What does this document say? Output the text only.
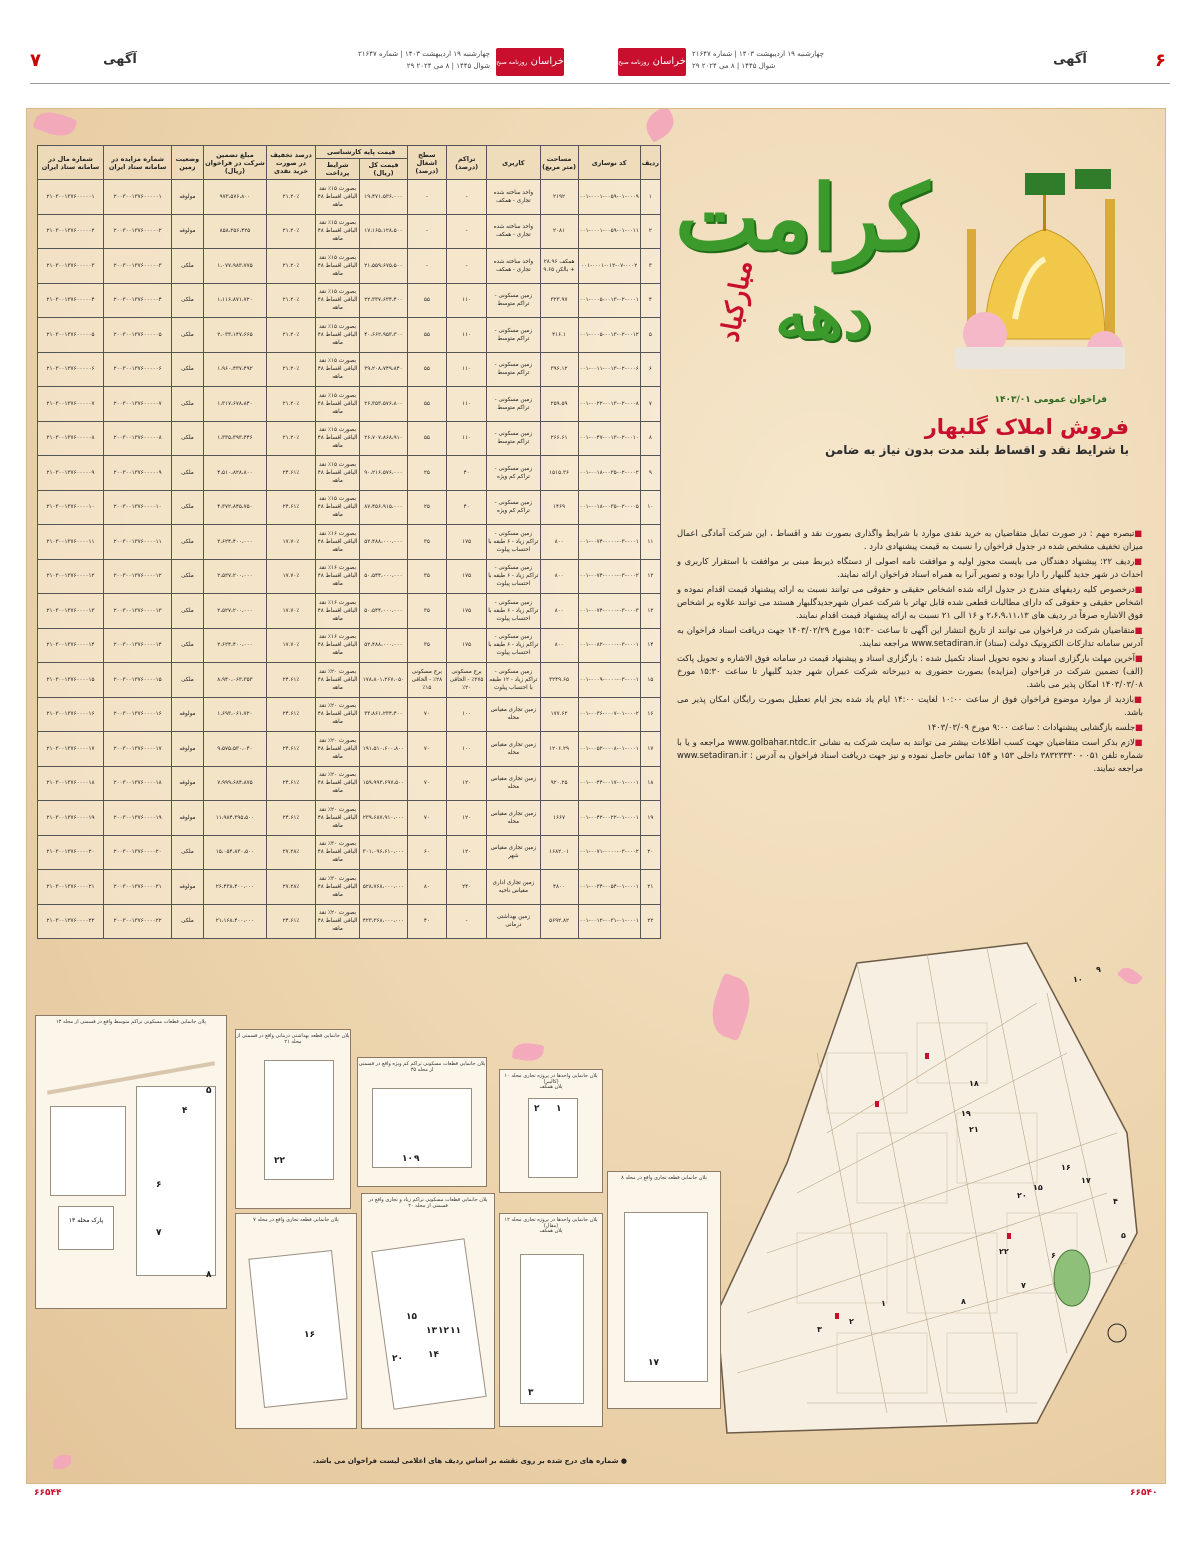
۷	آگهی	خراسان روزنامه صبح ایران
چهارشنبه ۱۹ اردیبهشت ۱۴۰۳ | شماره ۲۱۶۴۷
۲۹ شوال ۱۴۴۵ | ۸ می ۲۰۲۴	خراسان روزنامه صبح ایران
چهارشنبه ۱۹ اردیبهشت ۱۴۰۳ | شماره ۲۱۶۴۷
۲۹ شوال ۱۴۴۵ | ۸ می ۲۰۲۴	آگهی	۶
ردیف	کد نوسازی	مساحت (متر مربع)	کاربری	تراکم (درصد)	سطح اشغال (درصد)	قیمت پایه کارشناسی		درصد تخفیف در صورت خرید نقدی	مبلغ تضمین شرکت در فراخوان (ریال)	وضعیت زمین	شماره مزایده در سامانه ستاد ایران	شماره مال در سامانه ستاد ایران
						قیمت کل (ریال)	شرایط پرداخت					
۱	۰۰۱-۰۰۰۱-۰۰۵۹-۰۱-۰۰۰۹	۲۱۹۲	واحد ساخته شده تجاری - همکف	-	-	۱۹،۴۷۱،۵۳۶،۰۰۰	بصورت ۱۵٪ نقد الباقی اقساط ۴۸ ماهه	۲۱.۲۰٪	۹۷۳،۵۷۶،۸۰۰	مولوفه	۲۰۰۳۰۰۱۳۷۶۰۰۰۰۰۱	۲۱۰۳۰۰۱۳۷۶۰۰۰۰۰۱
۲	۰۰۱-۰۰۰۱-۰۰۵۹-۰۱-۰۰۱۱	۲۰۸۱	واحد ساخته شده تجاری - همکف	-	-	۱۷،۱۶۵،۱۲۸،۵۰۰	بصورت ۱۵٪ نقد الباقی اقساط ۴۸ ماهه	۲۱.۲۰٪	۸۵۸،۲۵۶،۴۲۵	مولوفه	۲۰۰۳۰۰۱۳۷۶۰۰۰۰۰۲	۲۱۰۳۰۰۱۳۷۶۰۰۰۰۰۲
۳	۰۰۱-۰۰۰۱-۰۱۲-۰۷-۰۰۰۲	همکف ۲۸.۹۶ + بالکن ۹.۶۵	واحد ساخته شده تجاری - همکف	-	-	۲۱،۵۵۹،۶۷۵،۵۰۰	بصورت ۱۵٪ نقد الباقی اقساط ۴۸ ماهه	۲۱.۲۰٪	۱،۰۷۷،۹۸۳،۷۷۵	ملکی	۲۰۰۳۰۰۱۳۷۶۰۰۰۰۰۳	۲۱۰۳۰۰۱۳۷۶۰۰۰۰۰۳
۴	۰۰۱-۰۰۰۵-۰۰۱۳-۰۲-۰۰۰۱	۳۲۳.۹۷	زمین مسکونی - تراکم متوسط	۱۱۰	۵۵	۲۲،۳۳۷،۶۳۴،۴۰۰	بصورت ۱۵٪ نقد الباقی اقساط ۴۸ ماهه	۲۱.۲۰٪	۱،۱۱۶،۸۷۱،۷۲۰	ملکی	۲۰۰۳۰۰۱۳۷۶۰۰۰۰۰۴	۲۱۰۳۰۰۱۳۷۶۰۰۰۰۰۴
۵	۰۰۱-۰۰۰۵-۰۰۱۳-۰۲-۰۰۱۲	۴۱۶.۱	زمین مسکونی - تراکم متوسط	۱۱۰	۵۵	۴۰،۶۶۲،۹۵۳،۳۰۰	بصورت ۱۵٪ نقد الباقی اقساط ۴۸ ماهه	۲۱.۲۰٪	۲،۰۳۳،۱۴۷،۶۶۵	ملکی	۲۰۰۳۰۰۱۳۷۶۰۰۰۰۰۵	۲۱۰۳۰۰۱۳۷۶۰۰۰۰۰۵
۶	۰۰۱-۰۰۱۱-۰۰۱۳-۰۲-۰۰۰۶	۳۹۶.۱۲	زمین مسکونی - تراکم متوسط	۱۱۰	۵۵	۳۹،۲۰۸،۷۴۹،۸۴۰	بصورت ۱۵٪ نقد الباقی اقساط ۴۸ ماهه	۲۱.۲۰٪	۱،۹۶۰،۴۳۷،۴۹۲	ملکی	۲۰۰۳۰۰۱۳۷۶۰۰۰۰۰۶	۲۱۰۳۰۰۱۳۷۶۰۰۰۰۰۶
۷	۰۰۱-۰۰۲۲-۰۰۱۳-۰۲-۰۰۰۸	۲۵۹.۵۹	زمین مسکونی - تراکم متوسط	۱۱۰	۵۵	۲۶،۳۵۳،۵۷۶،۸۰۰	بصورت ۱۵٪ نقد الباقی اقساط ۴۸ ماهه	۲۱.۲۰٪	۱،۳۱۷،۶۷۸،۸۴۰	ملکی	۲۰۰۳۰۰۱۳۷۶۰۰۰۰۰۷	۲۱۰۳۰۰۱۳۷۶۰۰۰۰۰۷
۸	۰۰۱-۰۰۴۷-۰۰۱۳-۰۲-۰۰۱۰	۲۶۶.۶۱	زمین مسکونی - تراکم متوسط	۱۱۰	۵۵	۲۶،۷۰۷،۸۶۸،۹۱۰	بصورت ۱۵٪ نقد الباقی اقساط ۴۸ ماهه	۲۱.۲۰٪	۱،۳۳۵،۳۹۳،۴۴۶	ملکی	۲۰۰۳۰۰۱۳۷۶۰۰۰۰۰۸	۲۱۰۳۰۰۱۳۷۶۰۰۰۰۰۸
۹	۰۰۱-۰۰۱۸-۰۰۳۵-۰۲-۰۰۰۲	۱۵۱۵.۳۶	زمین مسکونی - تراکم کم ویژه	۴۰	۲۵	۹۰،۲۱۶،۵۷۶،۰۰۰	بصورت ۱۵٪ نقد الباقی اقساط ۴۸ ماهه	۲۴.۶۱٪	۴،۵۱۰،۸۲۸،۸۰۰	ملکی	۲۰۰۳۰۰۱۳۷۶۰۰۰۰۰۹	۲۱۰۳۰۰۱۳۷۶۰۰۰۰۰۹
۱۰	۰۰۱-۰۰۱۸-۰۰۳۵-۰۲-۰۰۰۵	۱۴۶۹	زمین مسکونی - تراکم کم ویژه	۴۰	۲۵	۸۷،۴۵۶،۹۱۵،۰۰۰	بصورت ۱۵٪ نقد الباقی اقساط ۴۸ ماهه	۲۴.۶۱٪	۴،۳۷۲،۸۴۵،۷۵۰	ملکی	۲۰۰۳۰۰۱۳۷۶۰۰۰۰۱۰	۲۱۰۳۰۰۱۳۷۶۰۰۰۰۱۰
۱۱	۰۰۱-۰۰۷۴-۰۰۰۰-۰۳-۰۰۰۱	۸۰۰	زمین مسکونی - تراکم زیاد - ۶ طبقه با احتساب پیلوت	۱۷۵	۳۵	۵۲،۴۸۸،۰۰۰،۰۰۰	بصورت ۱۶٪ نقد الباقی اقساط ۴۸ ماهه	۱۷.۷۰٪	۲،۶۲۴،۴۰۰،۰۰۰	ملکی	۲۰۰۳۰۰۱۳۷۶۰۰۰۰۱۱	۲۱۰۳۰۰۱۳۷۶۰۰۰۰۱۱
۱۲	۰۰۱-۰۰۷۴-۰۰۰۰-۰۳-۰۰۰۲	۸۰۰	زمین مسکونی - تراکم زیاد - ۶ طبقه با احتساب پیلوت	۱۷۵	۳۵	۵۰،۵۴۴،۰۰۰،۰۰۰	بصورت ۱۶٪ نقد الباقی اقساط ۴۸ ماهه	۱۷.۷۰٪	۲،۵۲۷،۲۰۰،۰۰۰	ملکی	۲۰۰۳۰۰۱۳۷۶۰۰۰۰۱۲	۲۱۰۳۰۰۱۳۷۶۰۰۰۰۱۲
۱۳	۰۰۱-۰۰۷۴-۰۰۰۰-۰۳-۰۰۰۳	۸۰۰	زمین مسکونی - تراکم زیاد - ۶ طبقه با احتساب پیلوت	۱۷۵	۳۵	۵۰،۵۴۴،۰۰۰،۰۰۰	بصورت ۱۶٪ نقد الباقی اقساط ۴۸ ماهه	۱۷.۷۰٪	۲،۵۲۷،۲۰۰،۰۰۰	ملکی	۲۰۰۳۰۰۱۳۷۶۰۰۰۰۱۳	۲۱۰۳۰۰۱۳۷۶۰۰۰۰۱۳
۱۴	۰۰۱-۰۰۸۲-۰۰۰۰-۰۳-۰۰۰۱	۸۰۰	زمین مسکونی - تراکم زیاد - ۶ طبقه با احتساب پیلوت	۱۷۵	۳۵	۵۲،۴۸۸،۰۰۰،۰۰۰	بصورت ۱۶٪ نقد الباقی اقساط ۴۸ ماهه	۱۷.۷۰٪	۲،۶۲۴،۴۰۰،۰۰۰	ملکی	۲۰۰۳۰۰۱۳۷۶۰۰۰۰۱۴	۲۱۰۳۰۰۱۳۷۶۰۰۰۰۱۴
۱۵	۰۰۱-۰۰۰۹-۰۰۰۰-۰۳-۰۰۰۱	۳۲۴۹.۶۵	زمین مسکونی - تراکم زیاد - ۱۲ طبقه با احتساب پیلوت	برج مسکونی ۲۷۵٪ - الحاقی ۲۰٪	برج مسکونی ۲۸٪ - الحاقی ۱۵٪	۱۷۸،۸۰۱،۲۶۷،۰۵۰	بصورت ۲۰٪ نقد الباقی اقساط ۴۸ ماهه	۲۴.۶۱٪	۸،۹۴۰،۰۶۳،۳۵۳	ملکی	۲۰۰۳۰۰۱۳۷۶۰۰۰۰۱۵	۲۱۰۳۰۰۱۳۷۶۰۰۰۰۱۵
۱۶	۰۰۱-۰۰۳۶-۰۰۰۷-۰۱-۰۰۰۲	۱۷۷.۶۲	زمین تجاری مقیاس محله	۱۰۰	۷۰	۳۳،۸۶۱،۲۳۴،۴۰۰	بصورت ۲۰٪ نقد الباقی اقساط ۴۸ ماهه	۲۴.۶۱٪	۱،۶۹۳،۰۶۱،۷۲۰	مولوفه	۲۰۰۳۰۰۱۳۷۶۰۰۰۰۱۶	۲۱۰۳۰۰۱۳۷۶۰۰۰۰۱۶
۱۷	۰۰۱-۰۰۵۲-۰۰۰۸-۰۱-۰۰۰۱	۱۲۰۶.۲۹	زمین تجاری مقیاس محله	۱۰۰	۷۰	۱۹۱،۵۱۰،۶۰۰،۸۰۰	بصورت ۲۰٪ نقد الباقی اقساط ۴۸ ماهه	۲۴.۶۱٪	۹،۵۷۵،۵۳۰،۰۴۰	مولوفه	۲۰۰۳۰۰۱۳۷۶۰۰۰۰۱۷	۲۱۰۳۰۰۱۳۷۶۰۰۰۰۱۷
۱۸	۰۰۱-۰۰۴۴-۰۰۱۷-۰۱-۰۰۰۱	۹۲۰.۲۵	زمین تجاری مقیاس محله	۱۲۰	۷۰	۱۵۹،۹۹۳،۶۹۷،۵۰۰	بصورت ۲۰٪ نقد الباقی اقساط ۴۸ ماهه	۲۴.۶۱٪	۷،۹۹۹،۶۸۴،۸۷۵	مولوفه	۲۰۰۳۰۰۱۳۷۶۰۰۰۰۱۸	۲۱۰۳۰۰۱۳۷۶۰۰۰۰۱۸
۱۹	۰۰۱-۰۰۴۲-۰۰۲۲-۰۱-۰۰۰۱	۱۶۶۷	زمین تجاری مقیاس محله	۱۲۰	۷۰	۲۳۹،۶۸۷،۹۱۰،۰۰۰	بصورت ۲۰٪ نقد الباقی اقساط ۴۸ ماهه	۲۴.۶۱٪	۱۱،۹۸۴،۳۹۵،۵۰۰	مولوفه	۲۰۰۳۰۰۱۳۷۶۰۰۰۰۱۹	۲۱۰۳۰۰۱۳۷۶۰۰۰۰۱۹
۲۰	۰۰۱-۰۰۷۱-۰۰۰۰-۰۳-۰۰۰۲	۱۶۸۲.۰۱	زمین تجاری مقیاس شهر	۱۲۰	۶۰	۳۰۱،۰۹۶،۶۱۰،۰۰۰	بصورت ۳۰٪ نقد الباقی اقساط ۴۸ ماهه	۲۷.۲۸٪	۱۵،۰۵۴،۸۳۰،۵۰۰	ملکی	۲۰۰۳۰۰۱۳۷۶۰۰۰۰۲۰	۲۱۰۳۰۰۱۳۷۶۰۰۰۰۲۰
۲۱	۰۰۱-۰۰۳۴-۰۰۵۴-۰۱-۰۰۰۱	۴۸۰۰	زمین تجاری اداری مقیاس ناحیه	۲۴۰	۸۰	۵۲۸،۷۶۸،۰۰۰،۰۰۰	بصورت ۳۰٪ نقد الباقی اقساط ۴۸ ماهه	۲۷.۲۸٪	۲۶،۴۳۸،۴۰۰،۰۰۰	مولوفه	۲۰۰۳۰۰۱۳۷۶۰۰۰۰۲۱	۲۱۰۳۰۰۱۳۷۶۰۰۰۰۲۱
۲۲	۰۰۱-۰۰۱۲-۰۰۳۱-۰۱-۰۰۰۱	۵۶۹۲.۸۲	زمین بهداشتی درمانی	-	۴۰	۴۲۳،۳۶۸،۰۰۰،۰۰۰	بصورت ۲۰٪ نقد الباقی اقساط ۴۸ ماهه	۲۴.۶۱٪	۲۱،۱۶۸،۴۰۰،۰۰۰	ملکی	۲۰۰۳۰۰۱۳۷۶۰۰۰۰۲۲	۲۱۰۳۰۰۱۳۷۶۰۰۰۰۲۲
کرامت
دهه
مبارکباد
فراخوان عمومی ۱۴۰۳/۰۱
فروش املاک گلبهار
با شرایط نقد و اقساط بلند مدت بدون نیاز به ضامن

■تبصره مهم : در صورت تمایل متقاضیان به خرید نقدی موارد با شرایط واگذاری بصورت نقد و اقساط ، این شرکت آمادگی اعمال میزان تخفیف مشخص شده در جدول فراخوان را نسبت به قیمت پیشنهادی دارد .

■ردیف ۲۲: پیشنهاد دهندگان می بایست مجوز اولیه و موافقت نامه اصولی از دستگاه ذیربط مبنی بر موافقت با استقرار کاربری و احداث در شهر جدید گلبهار را دارا بوده و تصویر آنرا به همراه اسناد فراخوان ارائه نمایند.

■درخصوص کلیه ردیفهای مندرج در جدول ارائه شده اشخاص حقیقی و حقوقی می توانند نسبت به ارائه پیشنهاد قیمت اقدام نموده و اشخاص حقیقی و حقوقی که دارای مطالبات قطعی شده قابل تهاتر با شرکت عمران شهرجدیدگلبهار هستند می توانند علاوه بر اشخاص فوق الاشاره صرفاً در ردیف های ۲،۶،۹،۱۱،۱۳ و ۱۶ الی ۲۱ نسبت به ارائه پیشنهاد قیمت اقدام نمایند.

■متقاضیان شرکت در فراخوان می توانند از تاریخ انتشار این آگهی تا ساعت ۱۵:۳۰ مورخ ۱۴۰۳/۰۲/۲۹ جهت دریافت اسناد فراخوان به آدرس سامانه تدارکات الکترونیک دولت (ستاد) www.setadiran.ir مراجعه نمایند.

■آخرین مهلت بارگزاری اسناد و نحوه تحویل اسناد تکمیل شده : بارگزاری اسناد و پیشنهاد قیمت در سامانه فوق الاشاره و تحویل پاکت (الف) تضمین شرکت در فراخوان (مزایده) بصورت حضوری به دبیرخانه شرکت عمران شهر جدید گلبهار تا ساعت ۱۵:۳۰ مورخ ۱۴۰۳/۰۳/۰۸ امکان پذیر می باشد.

■بازدید از موارد موضوع فراخوان فوق از ساعت ۱۰:۰۰ لغایت ۱۴:۰۰ ایام یاد شده بجز ایام تعطیل بصورت رایگان امکان پذیر می باشد.

■جلسه بازگشایی پیشنهادات : ساعت ۹:۰۰ مورخ ۱۴۰۳/۰۳/۰۹

■لازم بذکر است متقاضیان جهت کسب اطلاعات بیشتر می توانند به سایت شرکت به نشانی www.golbahar.ntdc.ir مراجعه و یا با شماره تلفن ۰۵۱ - ۳۸۳۲۳۳۳۰ داخلی ۱۵۳ و ۱۵۴ تماس حاصل نموده و نیز جهت دریافت اسناد فراخوان به آدرس : www.setadiran.ir مراجعه نمایند.

۱۸
۱۹
۲۱
۱۷
۱۶
۱۵
۲۰
۲۲
۹
۱۰
۴
۵
۶
۷
۸
۱
۲
۳
پلان جانمایی قطعات مسکونی تراکم متوسط واقع در قسمتی از محله ۱۳
پارک محله ۱۳
۵
۴
۶
۷
۸
پلان جانمایی قطعه بهداشتی درمانی واقع در قسمتی از محله ۲۱
۲۲
پلان جانمایی قطعات مسکونی تراکم کم ویژه واقع در قسمتی از محله ۳۵
۹
۱۰
پلان جانمایی قطعه تجاری واقع در محله ۷
۱۶
پلان جانمایی قطعات مسکونی تراکم زیاد و تجاری واقع در قسمتی از محله ۲۰
۱۵
۱۱
۱۲
۱۳
۱۴
۲۰
پلان جانمایی واحدها در پروژه تجاری محله ۱۰ (کالیبر)
پلان همکف
۱
۲
پلان جانمایی واحدها در پروژه تجاری محله ۱۲ (مقال)
پلان همکف
۳
پلان جانمایی قطعه تجاری واقع در محله ۸
۱۷
● شماره های درج شده بر روی نقشه بر اساس ردیف های اعلامی لیست فراخوان می باشد.
۶۶۵۴۴	۶۶۵۴۰
